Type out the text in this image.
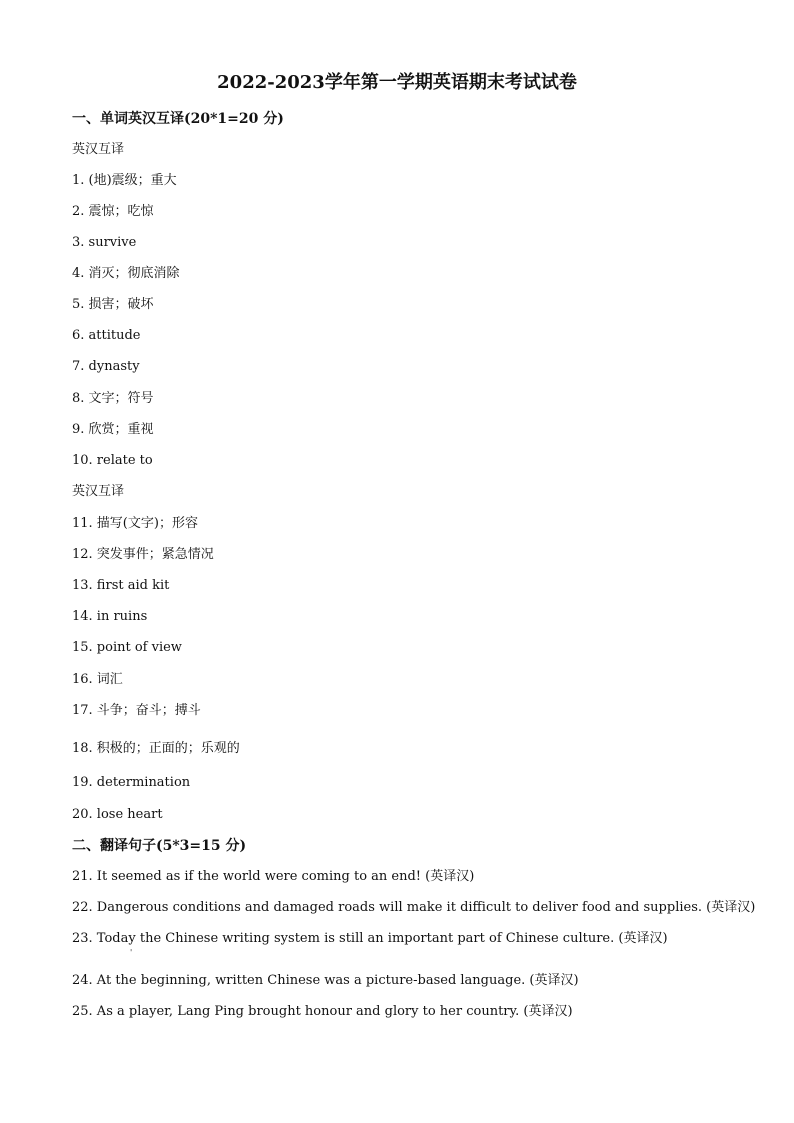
2022-2023学年第一学期英语期末考试试卷
一、单词英汉互译(20*1=20 分)
英汉互译
1. (地)震级；重大
2. 震惊；吃惊
3. survive
4. 消灭；彻底消除
5. 损害；破坏
6. attitude
7. dynasty
8. 文字；符号
9. 欣赏；重视
10. relate to
英汉互译
11. 描写(文字)；形容
12. 突发事件；紧急情况
13. first aid kit
14. in ruins
15. point of view
16. 词汇
17. 斗争；奋斗；搏斗
18. 积极的；正面的；乐观的
19. determination
20. lose heart
二、翻译句子(5*3=15 分)
21. It seemed as if the world were coming to an end! (英译汉)
22. Dangerous conditions and damaged roads will make it difficult to deliver food and supplies. (英译汉)
23. Today the Chinese writing system is still an important part of Chinese culture. (英译汉)
'
24. At the beginning, written Chinese was a picture-based language. (英译汉)
25. As a player, Lang Ping brought honour and glory to her country. (英译汉)
